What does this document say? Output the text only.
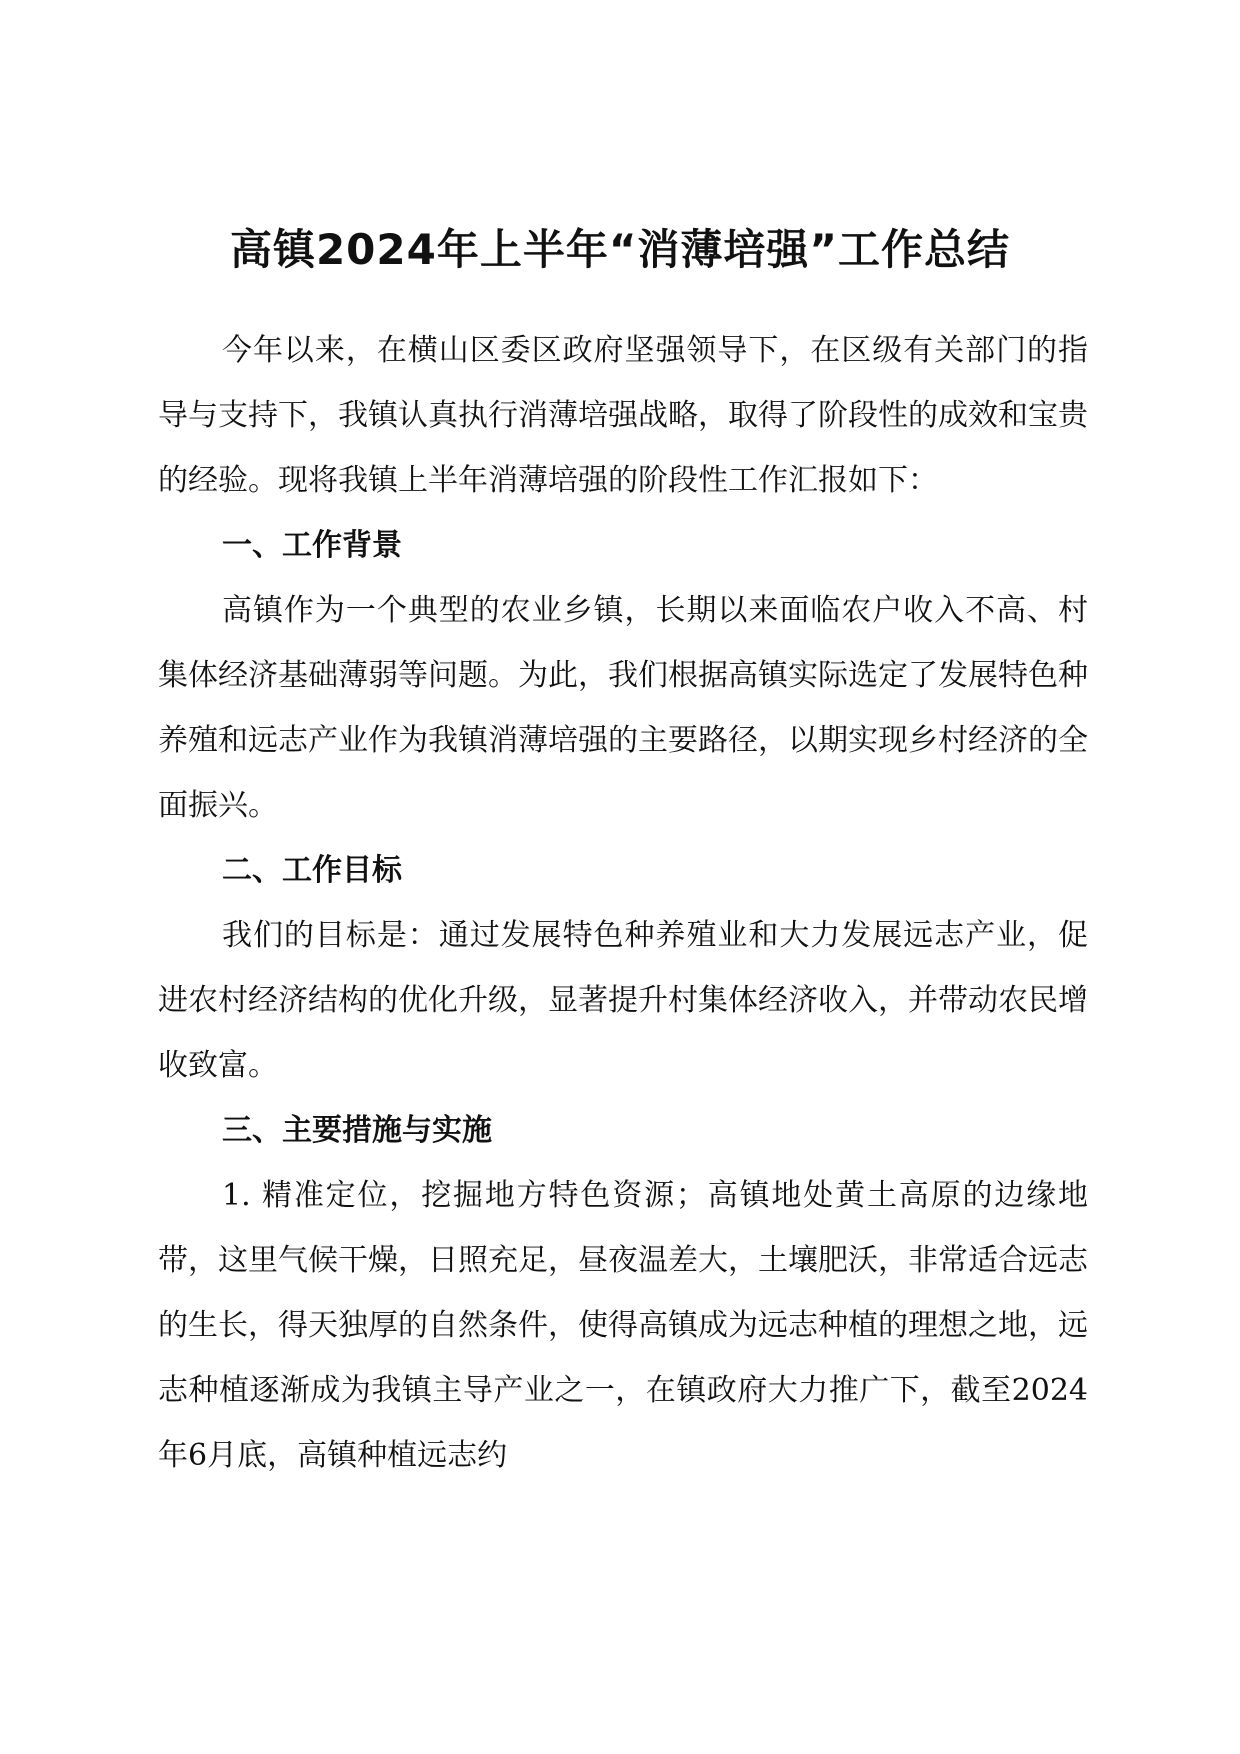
高镇2024年上半年“消薄培强”工作总结

今年以来，在横山区委区政府坚强领导下，在区级有关部门的指导与支持下，我镇认真执行消薄培强战略，取得了阶段性的成效和宝贵的经验。现将我镇上半年消薄培强的阶段性工作汇报如下：

一、工作背景

高镇作为一个典型的农业乡镇，长期以来面临农户收入不高、村集体经济基础薄弱等问题。为此，我们根据高镇实际选定了发展特色种养殖和远志产业作为我镇消薄培强的主要路径，以期实现乡村经济的全面振兴。

二、工作目标

我们的目标是：通过发展特色种养殖业和大力发展远志产业，促进农村经济结构的优化升级，显著提升村集体经济收入，并带动农民增收致富。

三、主要措施与实施

1. 精准定位，挖掘地方特色资源；高镇地处黄土高原的边缘地带，这里气候干燥，日照充足，昼夜温差大，土壤肥沃，非常适合远志的生长，得天独厚的自然条件，使得高镇成为远志种植的理想之地，远志种植逐渐成为我镇主导产业之一，在镇政府大力推广下，截至2024年6月底，高镇种植远志约
